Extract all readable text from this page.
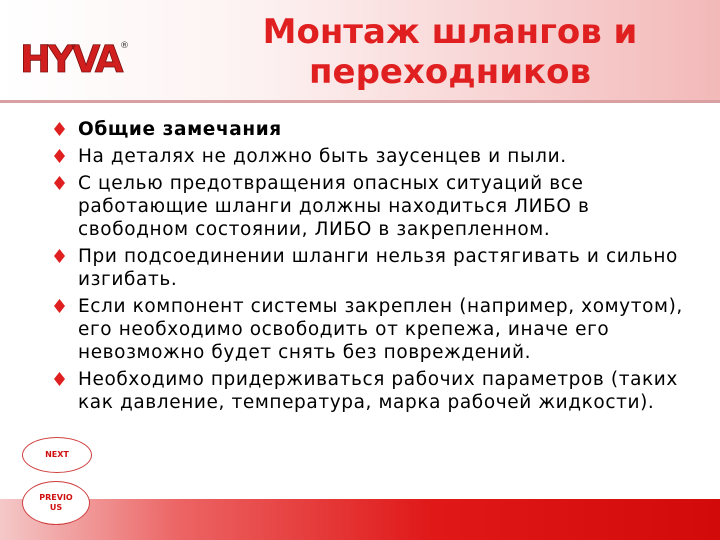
HYVA ®	Монтаж шлангов и
переходников
Общие замечания
На деталях не должно быть заусенцев и пыли.
С целью предотвращения опасных ситуаций все работающие шланги должны находиться ЛИБО в свободном состоянии, ЛИБО в закрепленном.
При подсоединении шланги нельзя растягивать и сильно изгибать.
Если компонент системы закреплен (например, хомутом), его необходимо освободить от крепежа, иначе его невозможно будет снять без повреждений.
Необходимо придерживаться рабочих параметров (таких как давление, температура, марка рабочей жидкости).
NEXT
PREVIO
US
